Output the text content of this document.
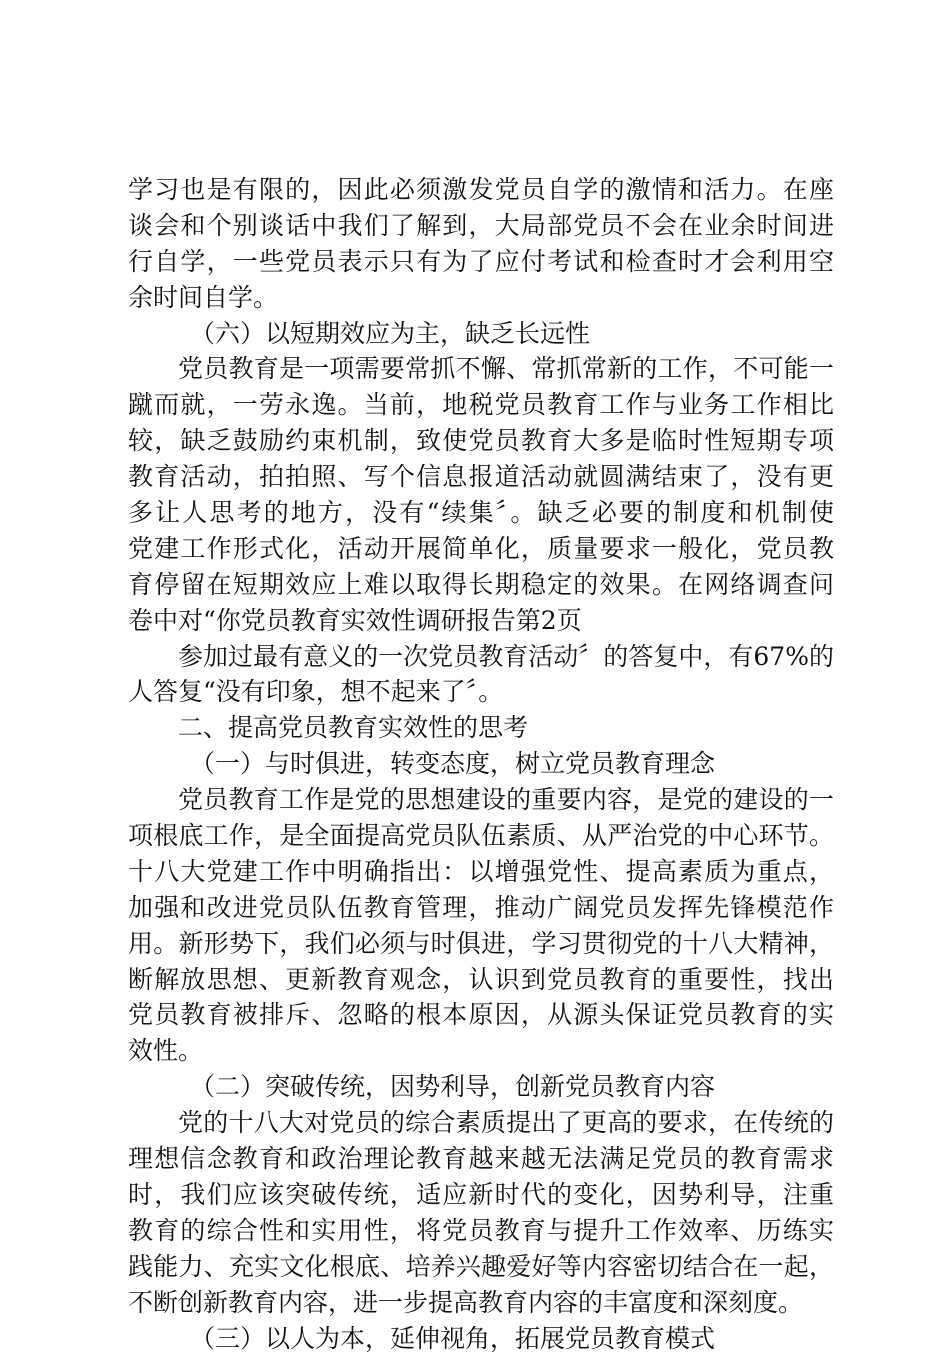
学习也是有限的，因此必须激发党员自学的激情和活力。在座
谈会和个别谈话中我们了解到，大局部党员不会在业余时间进
行自学，一些党员表示只有为了应付考试和检查时才会利用空
余时间自学。
（六）以短期效应为主，缺乏长远性
党员教育是一项需要常抓不懈、常抓常新的工作，不可能一
蹴而就，一劳永逸。当前，地税党员教育工作与业务工作相比
较，缺乏鼓励约束机制，致使党员教育大多是临时性短期专项
教育活动，拍拍照、写个信息报道活动就圆满结束了，没有更
多让人思考的地方，没有“续集〞。缺乏必要的制度和机制使
党建工作形式化，活动开展简单化，质量要求一般化，党员教
育停留在短期效应上难以取得长期稳定的效果。在网络调查问
卷中对“你党员教育实效性调研报告第2页
参加过最有意义的一次党员教育活动〞的答复中，有67%的
人答复“没有印象，想不起来了〞。
二、提高党员教育实效性的思考
（一）与时俱进，转变态度，树立党员教育理念
党员教育工作是党的思想建设的重要内容，是党的建设的一
项根底工作，是全面提高党员队伍素质、从严治党的中心环节。
十八大党建工作中明确指出：以增强党性、提高素质为重点，
加强和改进党员队伍教育管理，推动广阔党员发挥先锋模范作
用。新形势下，我们必须与时俱进，学习贯彻党的十八大精神，
断解放思想、更新教育观念，认识到党员教育的重要性，找出
党员教育被排斥、忽略的根本原因，从源头保证党员教育的实
效性。
（二）突破传统，因势利导，创新党员教育内容
党的十八大对党员的综合素质提出了更高的要求，在传统的
理想信念教育和政治理论教育越来越无法满足党员的教育需求
时，我们应该突破传统，适应新时代的变化，因势利导，注重
教育的综合性和实用性，将党员教育与提升工作效率、历练实
践能力、充实文化根底、培养兴趣爱好等内容密切结合在一起，
不断创新教育内容，进一步提高教育内容的丰富度和深刻度。
（三）以人为本，延伸视角，拓展党员教育模式
